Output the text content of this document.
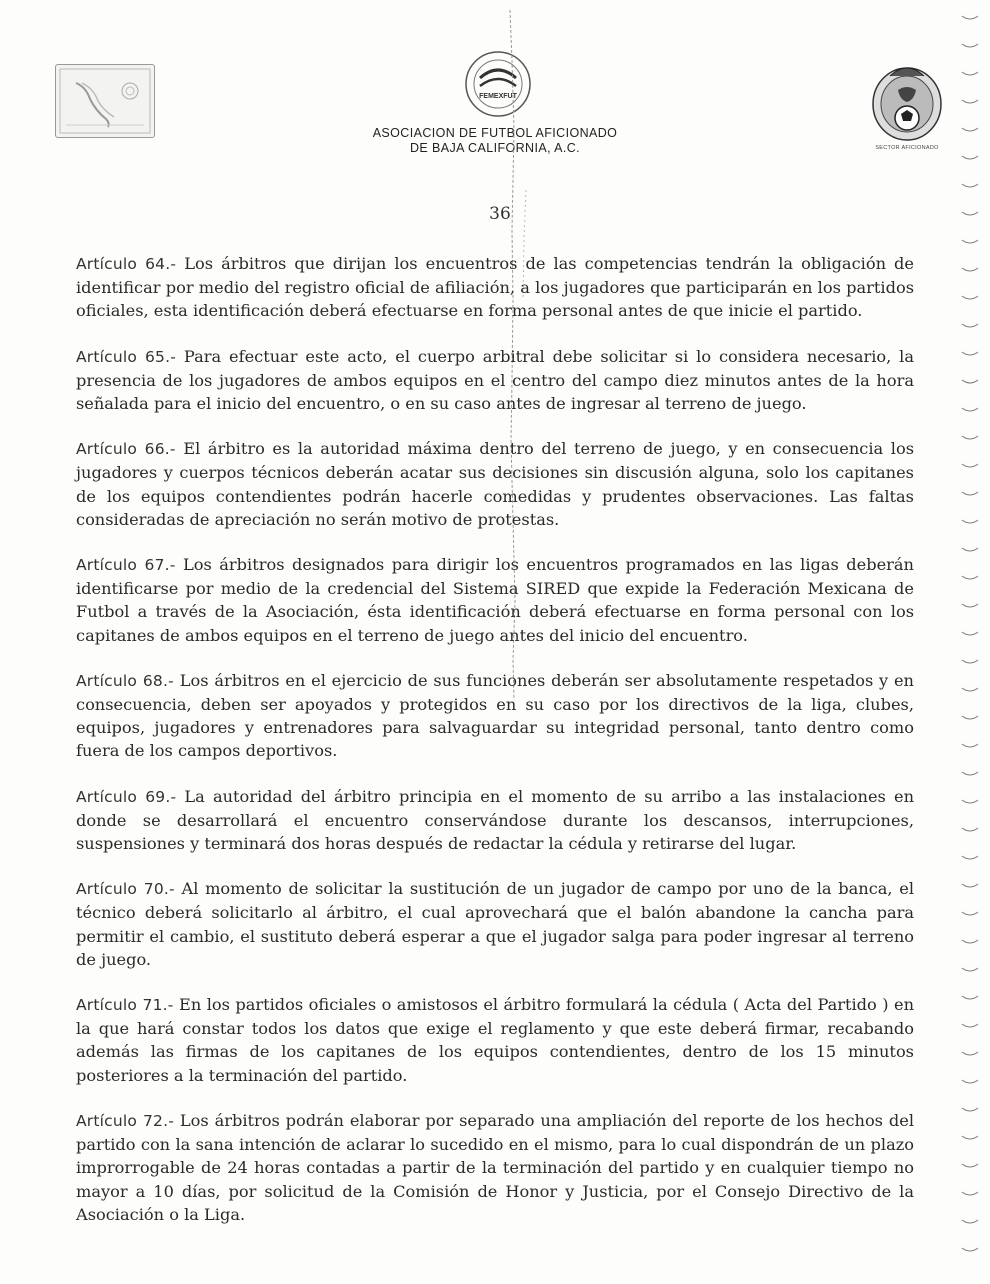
FEMEXFUT
ASOCIACION DE FUTBOL AFICIONADO
DE BAJA CALIFORNIA, A.C.	SECTOR AFICIONADO
36

Artículo 64.- Los árbitros que dirijan los encuentros de las competencias tendrán la obligación de identificar por medio del registro oficial de afiliación, a los jugadores que participarán en los partidos oficiales, esta identificación deberá efectuarse en forma personal antes de que inicie el partido.

Artículo 65.- Para efectuar este acto, el cuerpo arbitral debe solicitar si lo considera necesario, la presencia de los jugadores de ambos equipos en el centro del campo diez minutos antes de la hora señalada para el inicio del encuentro, o en su caso antes de ingresar al terreno de juego.

Artículo 66.- El árbitro es la autoridad máxima dentro del terreno de juego, y en consecuencia los jugadores y cuerpos técnicos deberán acatar sus decisiones sin discusión alguna, solo los capitanes de los equipos contendientes podrán hacerle comedidas y prudentes observaciones. Las faltas consideradas de apreciación no serán motivo de protestas.

Artículo 67.- Los árbitros designados para dirigir los encuentros programados en las ligas deberán identificarse por medio de la credencial del Sistema SIRED que expide la Federación Mexicana de Futbol a través de la Asociación, ésta identificación deberá efectuarse en forma personal con los capitanes de ambos equipos en el terreno de juego antes del inicio del encuentro.

Artículo 68.- Los árbitros en el ejercicio de sus funciones deberán ser absolutamente respetados y en consecuencia, deben ser apoyados y protegidos en su caso por los directivos de la liga, clubes, equipos, jugadores y entrenadores para salvaguardar su integridad personal, tanto dentro como fuera de los campos deportivos.

Artículo 69.- La autoridad del árbitro principia en el momento de su arribo a las instalaciones en donde se desarrollará el encuentro conservándose durante los descansos, interrupciones, suspensiones y terminará dos horas después de redactar la cédula y retirarse del lugar.

Artículo 70.- Al momento de solicitar la sustitución de un jugador de campo por uno de la banca, el técnico deberá solicitarlo al árbitro, el cual aprovechará que el balón abandone la cancha para permitir el cambio, el sustituto deberá esperar a que el jugador salga para poder ingresar al terreno de juego.

Artículo 71.- En los partidos oficiales o amistosos el árbitro formulará la cédula ( Acta del Partido ) en la que hará constar todos los datos que exige el reglamento y que este deberá firmar, recabando además las firmas de los capitanes de los equipos contendientes, dentro de los 15 minutos posteriores a la terminación del partido.

Artículo 72.- Los árbitros podrán elaborar por separado una ampliación del reporte de los hechos del partido con la sana intención de aclarar lo sucedido en el mismo, para lo cual dispondrán de un plazo improrrogable de 24 horas contadas a partir de la terminación del partido y en cualquier tiempo no mayor a 10 días, por solicitud de la Comisión de Honor y Justicia, por el Consejo Directivo de la Asociación o la Liga.
